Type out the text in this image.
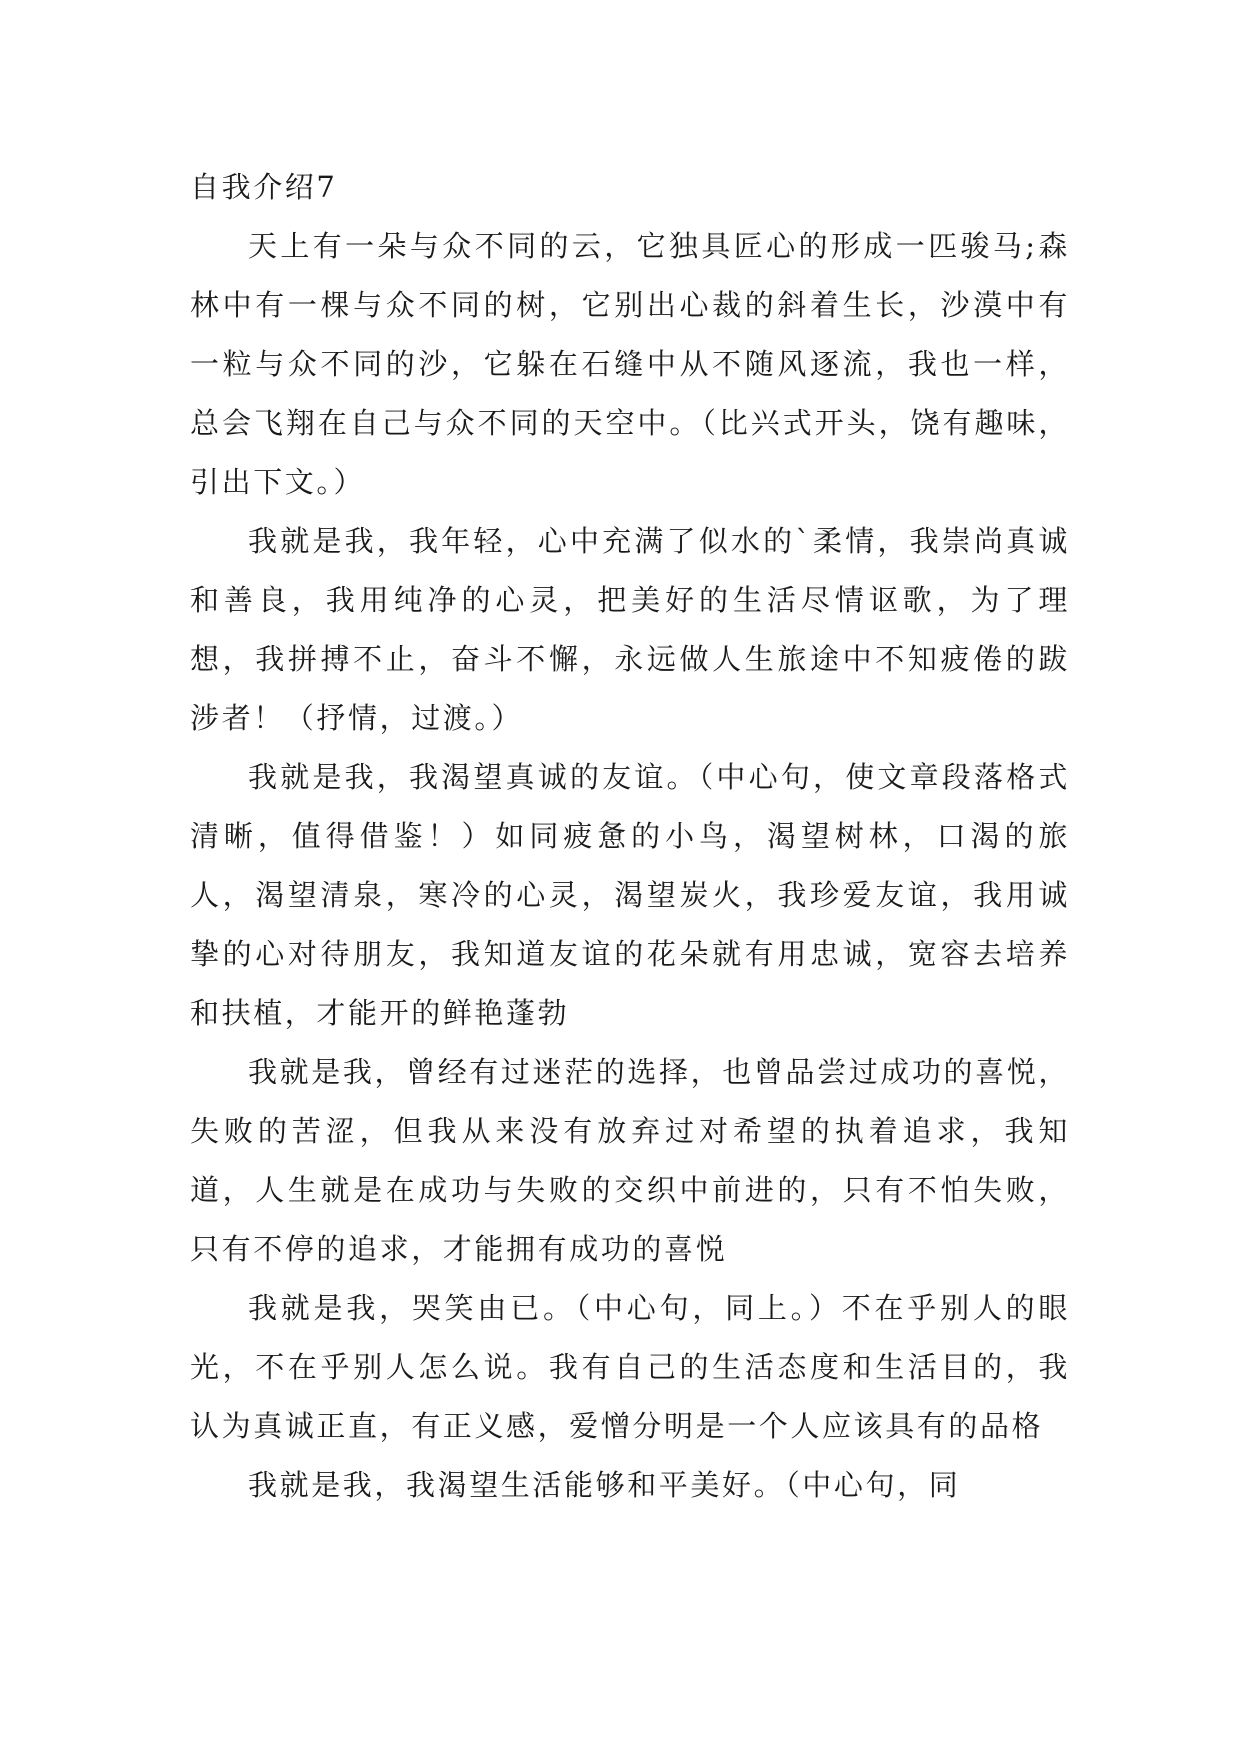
自我介绍7

天上有一朵与众不同的云，它独具匠心的形成一匹骏马;森林中有一棵与众不同的树，它别出心裁的斜着生长，沙漠中有一粒与众不同的沙，它躲在石缝中从不随风逐流，我也一样，总会飞翔在自己与众不同的天空中。（比兴式开头，饶有趣味，引出下文。）

我就是我，我年轻，心中充满了似水的`柔情，我崇尚真诚和善良，我用纯净的心灵，把美好的生活尽情讴歌，为了理想，我拼搏不止，奋斗不懈，永远做人生旅途中不知疲倦的跋涉者！（抒情，过渡。）

我就是我，我渴望真诚的友谊。（中心句，使文章段落格式清晰，值得借鉴！）如同疲惫的小鸟，渴望树林，口渴的旅人，渴望清泉，寒冷的心灵，渴望炭火，我珍爱友谊，我用诚挚的心对待朋友，我知道友谊的花朵就有用忠诚，宽容去培养和扶植，才能开的鲜艳蓬勃

我就是我，曾经有过迷茫的选择，也曾品尝过成功的喜悦，失败的苦涩，但我从来没有放弃过对希望的执着追求，我知道，人生就是在成功与失败的交织中前进的，只有不怕失败，只有不停的追求，才能拥有成功的喜悦

我就是我，哭笑由已。（中心句，同上。）不在乎别人的眼光，不在乎别人怎么说。我有自己的生活态度和生活目的，我认为真诚正直，有正义感，爱憎分明是一个人应该具有的品格

我就是我，我渴望生活能够和平美好。（中心句，同
